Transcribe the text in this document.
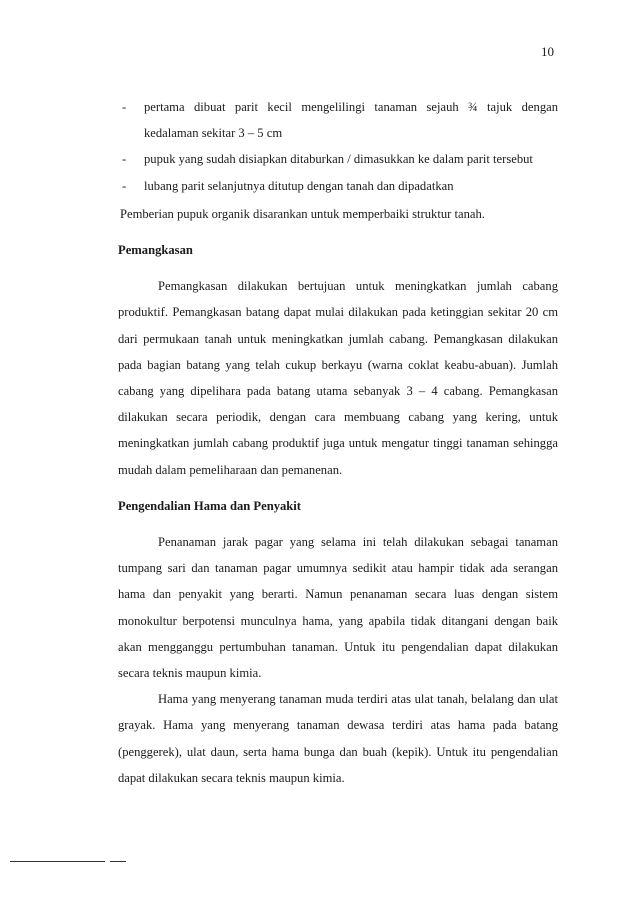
10
-	pertama dibuat parit kecil mengelilingi tanaman sejauh ¾ tajuk dengan kedalaman sekitar 3 – 5 cm
-	pupuk yang sudah disiapkan ditaburkan / dimasukkan ke dalam parit tersebut
-	lubang parit selanjutnya ditutup dengan tanah dan dipadatkan

Pemberian pupuk organik disarankan untuk memperbaiki struktur tanah.

Pemangkasan

Pemangkasan dilakukan bertujuan untuk meningkatkan jumlah cabang produktif. Pemangkasan batang dapat mulai dilakukan pada ketinggian sekitar 20 cm dari permukaan tanah untuk meningkatkan jumlah cabang. Pemangkasan dilakukan pada bagian batang yang telah cukup berkayu (warna coklat keabu-abuan). Jumlah cabang yang dipelihara pada batang utama sebanyak 3 – 4 cabang. Pemangkasan dilakukan secara periodik, dengan cara membuang cabang yang kering, untuk meningkatkan jumlah cabang produktif juga untuk mengatur tinggi tanaman sehingga mudah dalam pemeliharaan dan pemanenan.

Pengendalian Hama dan Penyakit

Penanaman jarak pagar yang selama ini telah dilakukan sebagai tanaman tumpang sari dan tanaman pagar umumnya sedikit atau hampir tidak ada serangan hama dan penyakit yang berarti. Namun penanaman secara luas dengan sistem monokultur berpotensi munculnya hama, yang apabila tidak ditangani dengan baik akan mengganggu pertumbuhan tanaman. Untuk itu pengendalian dapat dilakukan secara teknis maupun kimia.

Hama yang menyerang tanaman muda terdiri atas ulat tanah, belalang dan ulat grayak. Hama yang menyerang tanaman dewasa terdiri atas hama pada batang (penggerek), ulat daun, serta hama bunga dan buah (kepik). Untuk itu pengendalian dapat dilakukan secara teknis maupun kimia.
